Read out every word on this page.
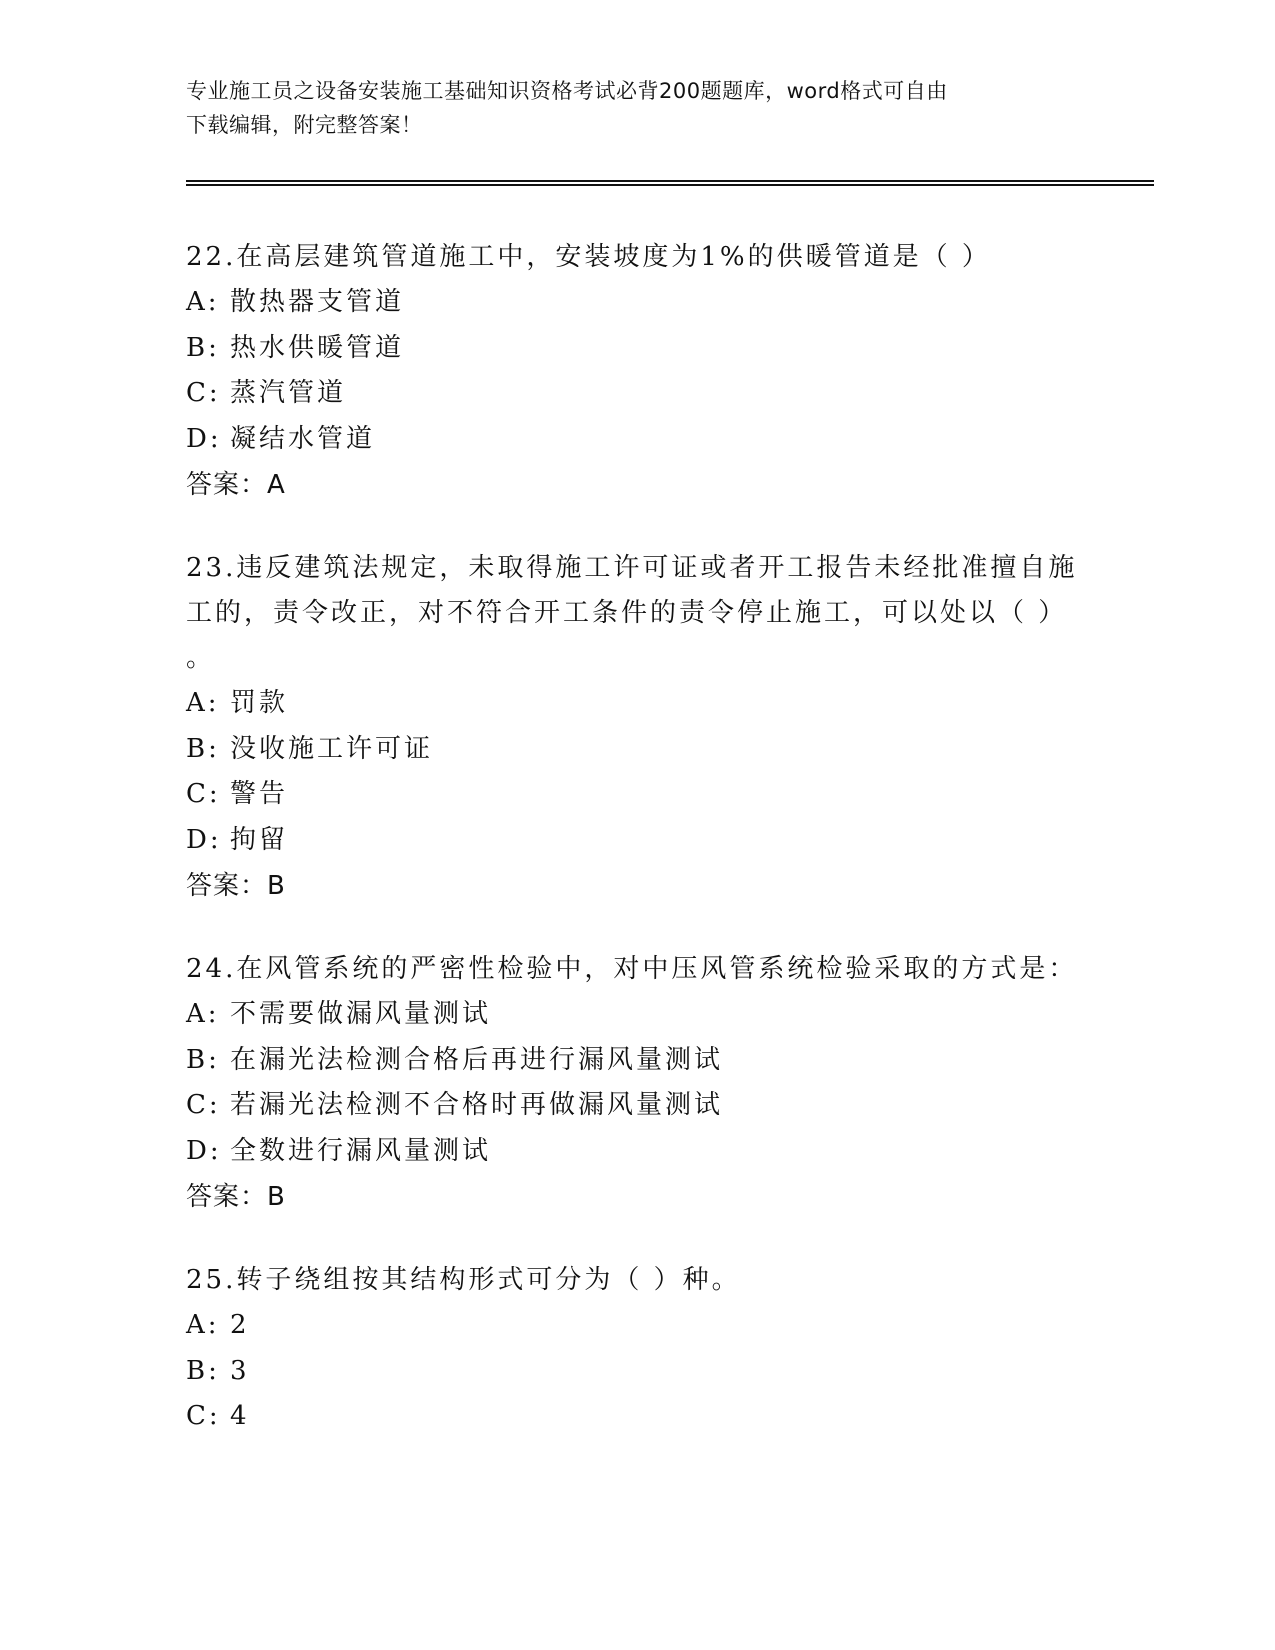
专业施工员之设备安装施工基础知识资格考试必背200题题库，word格式可自由
下载编辑，附完整答案！
22.在高层建筑管道施工中，安装坡度为1%的供暖管道是（ ）
A: 散热器支管道
B: 热水供暖管道
C: 蒸汽管道
D: 凝结水管道
答案：A
23.违反建筑法规定，未取得施工许可证或者开工报告未经批准擅自施
工的，责令改正，对不符合开工条件的责令停止施工，可以处以（ ）
。
A: 罚款
B: 没收施工许可证
C: 警告
D: 拘留
答案：B
24.在风管系统的严密性检验中，对中压风管系统检验采取的方式是：
A: 不需要做漏风量测试
B: 在漏光法检测合格后再进行漏风量测试
C: 若漏光法检测不合格时再做漏风量测试
D: 全数进行漏风量测试
答案：B
25.转子绕组按其结构形式可分为（ ）种。
A: 2
B: 3
C: 4
